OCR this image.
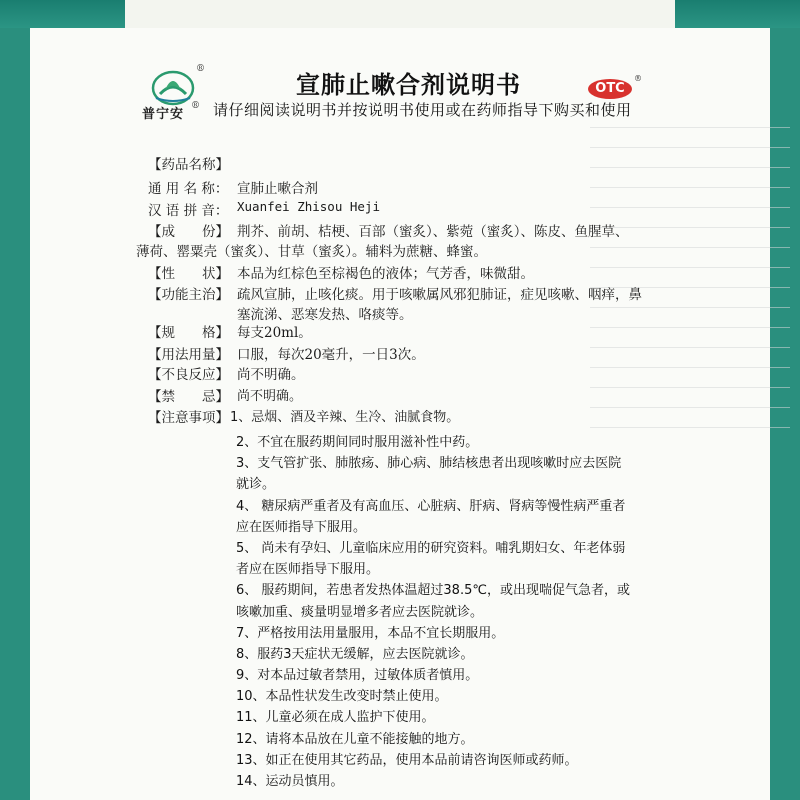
®
普宁安
®
宣肺止嗽合剂说明书
请仔细阅读说明书并按说明书使用或在药师指导下购买和使用
OTC
®
【药品名称】
通 用 名 称： 宣肺止嗽合剂
汉 语 拼 音： Xuanfei Zhisou Heji
【成　　份】 荆芥、前胡、桔梗、百部（蜜炙）、紫菀（蜜炙）、陈皮、鱼腥草、
薄荷、罂粟壳（蜜炙）、甘草（蜜炙）。辅料为蔗糖、蜂蜜。
【性　　状】 本品为红棕色至棕褐色的液体；气芳香，味微甜。
【功能主治】 疏风宣肺，止咳化痰。用于咳嗽属风邪犯肺证，症见咳嗽、咽痒，鼻
塞流涕、恶寒发热、咯痰等。
【规　　格】 每支20ml。
【用法用量】 口服，每次20毫升，一日3次。
【不良反应】 尚不明确。
【禁　　忌】 尚不明确。
【注意事项】 1、忌烟、酒及辛辣、生冷、油腻食物。
2、不宜在服药期间同时服用滋补性中药。
3、支气管扩张、肺脓疡、肺心病、肺结核患者出现咳嗽时应去医院
就诊。
4、 糖尿病严重者及有高血压、心脏病、肝病、肾病等慢性病严重者
应在医师指导下服用。
5、 尚未有孕妇、儿童临床应用的研究资料。哺乳期妇女、年老体弱
者应在医师指导下服用。
6、 服药期间，若患者发热体温超过38.5℃，或出现喘促气急者，或
咳嗽加重、痰量明显增多者应去医院就诊。
7、严格按用法用量服用，本品不宜长期服用。
8、服药3天症状无缓解，应去医院就诊。
9、对本品过敏者禁用，过敏体质者慎用。
10、本品性状发生改变时禁止使用。
11、儿童必须在成人监护下使用。
12、请将本品放在儿童不能接触的地方。
13、如正在使用其它药品，使用本品前请咨询医师或药师。
14、运动员慎用。
